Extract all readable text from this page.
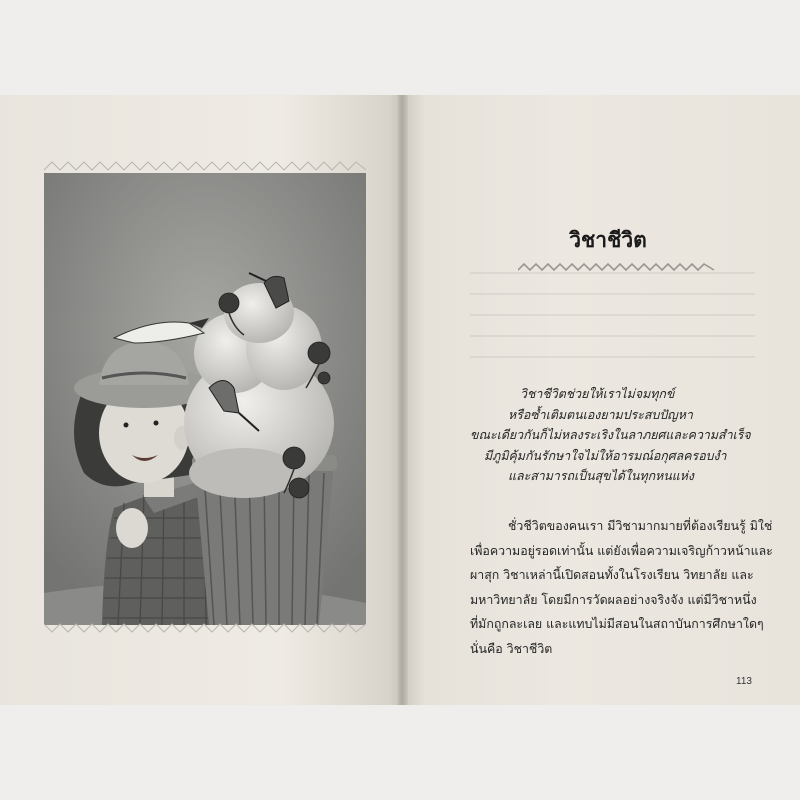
วิชาชีวิต
วิชาชีวิตช่วยให้เราไม่จมทุกข์
หรือซ้ำเติมตนเองยามประสบปัญหา
ขณะเดียวกันก็ไม่หลงระเริงในลาภยศและความสำเร็จ
มีภูมิคุ้มกันรักษาใจไม่ให้อารมณ์อกุศลครอบงำ
และสามารถเป็นสุขได้ในทุกหนแห่ง
ชั่วชีวิตของคนเรา มีวิชามากมายที่ต้องเรียนรู้ มิใช่
เพื่อความอยู่รอดเท่านั้น แต่ยังเพื่อความเจริญก้าวหน้าและ
ผาสุก วิชาเหล่านี้เปิดสอนทั้งในโรงเรียน วิทยาลัย และ
มหาวิทยาลัย โดยมีการวัดผลอย่างจริงจัง แต่มีวิชาหนึ่ง
ที่มักถูกละเลย และแทบไม่มีสอนในสถาบันการศึกษาใดๆ
นั่นคือ วิชาชีวิต
113
